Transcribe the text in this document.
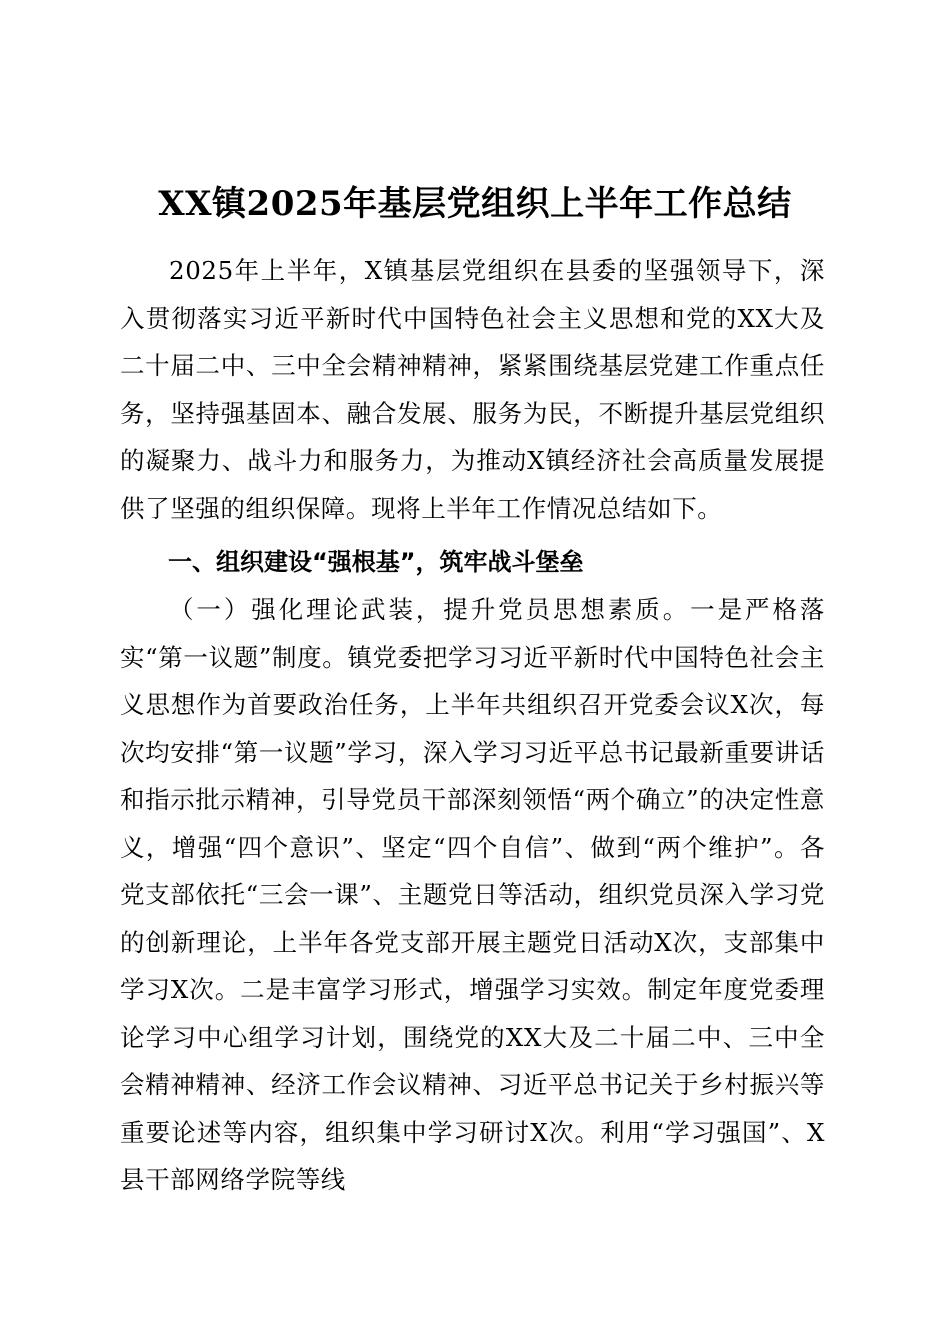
XX镇2025年基层党组织上半年工作总结

2025年上半年，X镇基层党组织在县委的坚强领导下，深入贯彻落实习近平新时代中国特色社会主义思想和党的XX大及二十届二中、三中全会精神精神，紧紧围绕基层党建工作重点任务，坚持强基固本、融合发展、服务为民，不断提升基层党组织的凝聚力、战斗力和服务力，为推动X镇经济社会高质量发展提供了坚强的组织保障。现将上半年工作情况总结如下。

一、组织建设“强根基”，筑牢战斗堡垒

（一）强化理论武装，提升党员思想素质。一是严格落实“第一议题”制度。镇党委把学习习近平新时代中国特色社会主义思想作为首要政治任务，上半年共组织召开党委会议X次，每次均安排“第一议题”学习，深入学习习近平总书记最新重要讲话和指示批示精神，引导党员干部深刻领悟“两个确立”的决定性意义，增强“四个意识”、坚定“四个自信”、做到“两个维护”。各党支部依托“三会一课”、主题党日等活动，组织党员深入学习党的创新理论，上半年各党支部开展主题党日活动X次，支部集中学习X次。二是丰富学习形式，增强学习实效。制定年度党委理论学习中心组学习计划，围绕党的XX大及二十届二中、三中全会精神精神、经济工作会议精神、习近平总书记关于乡村振兴等重要论述等内容，组织集中学习研讨X次。利用“学习强国”、X县干部网络学院等线
